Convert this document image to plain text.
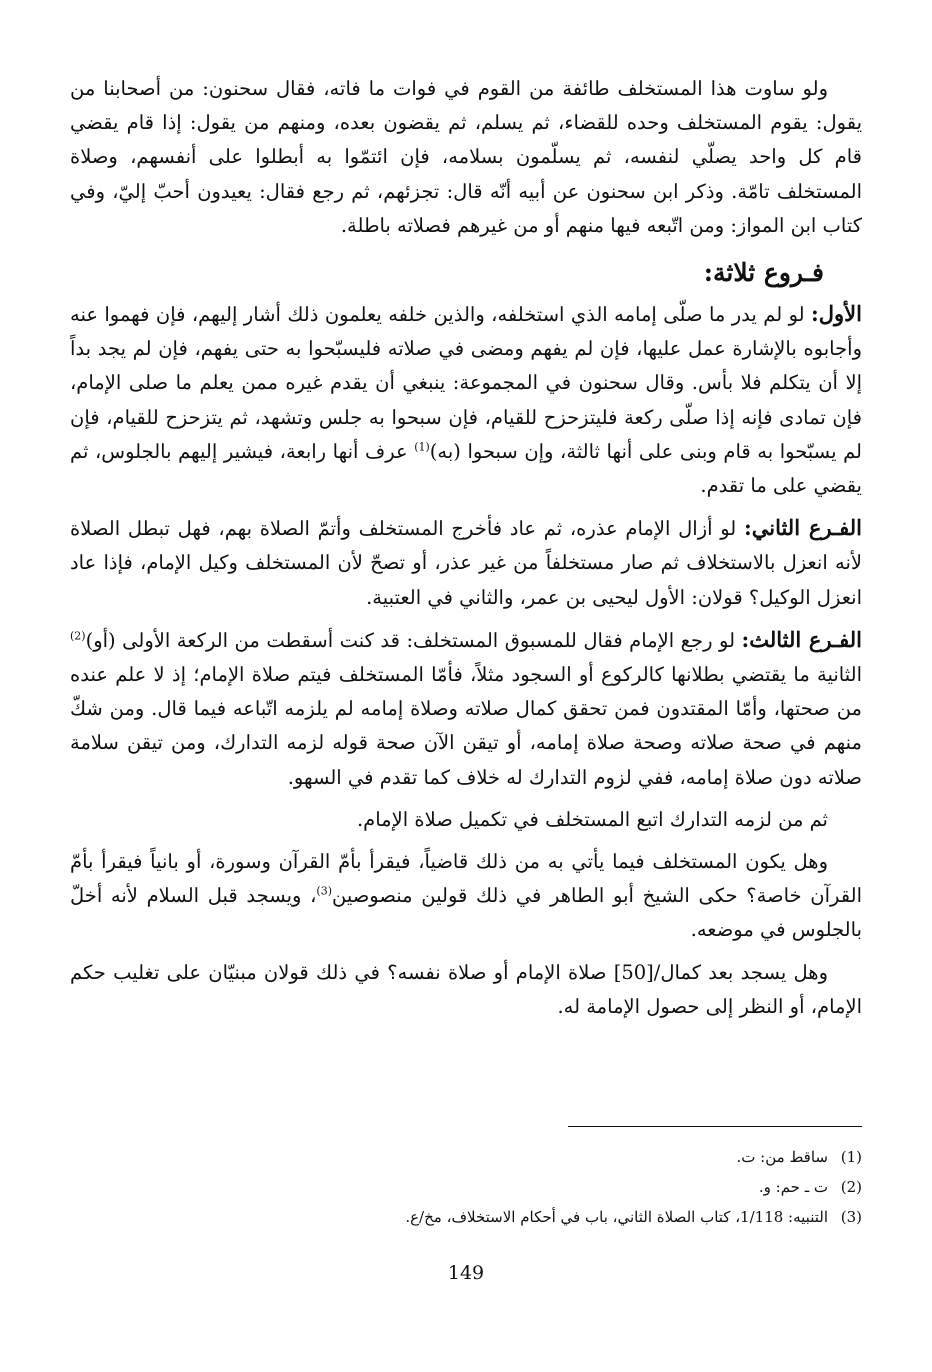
ولو ساوت هذا المستخلف طائفة من القوم في فوات ما فاته، فقال سحنون: من أصحابنا من يقول: يقوم المستخلف وحده للقضاء، ثم يسلم، ثم يقضون بعده، ومنهم من يقول: إذا قام يقضي قام كل واحد يصلّي لنفسه، ثم يسلّمون بسلامه، فإن ائتمّوا به أبطلوا على أنفسهم، وصلاة المستخلف تامّة. وذكر ابن سحنون عن أبيه أنّه قال: تجزئهم، ثم رجع فقال: يعيدون أحبّ إليّ، وفي كتاب ابن المواز: ومن اتّبعه فيها منهم أو من غيرهم فصلاته باطلة.

فـروع ثلاثة:

الأول: لو لم يدر ما صلّى إمامه الذي استخلفه، والذين خلفه يعلمون ذلك أشار إليهم، فإن فهموا عنه وأجابوه بالإشارة عمل عليها، فإن لم يفهم ومضى في صلاته فليسبّحوا به حتى يفهم، فإن لم يجد بداً إلا أن يتكلم فلا بأس. وقال سحنون في المجموعة: ينبغي أن يقدم غيره ممن يعلم ما صلى الإمام، فإن تمادى فإنه إذا صلّى ركعة فليتزحزح للقيام، فإن سبحوا به جلس وتشهد، ثم يتزحزح للقيام، فإن لم يسبّحوا به قام وبنى على أنها ثالثة، وإن سبحوا (به)$^{(1)}$ عرف أنها رابعة، فيشير إليهم بالجلوس، ثم يقضي على ما تقدم.

الفـرع الثاني: لو أزال الإمام عذره، ثم عاد فأخرج المستخلف وأتمّ الصلاة بهم، فهل تبطل الصلاة لأنه انعزل بالاستخلاف ثم صار مستخلفاً من غير عذر، أو تصحّ لأن المستخلف وكيل الإمام، فإذا عاد انعزل الوكيل؟ قولان: الأول ليحيى بن عمر، والثاني في العتبية.

الفـرع الثالث: لو رجع الإمام فقال للمسبوق المستخلف: قد كنت أسقطت من الركعة الأولى (أو)$^{(2)}$ الثانية ما يقتضي بطلانها كالركوع أو السجود مثلاً، فأمّا المستخلف فيتم صلاة الإمام؛ إذ لا علم عنده من صحتها، وأمّا المقتدون فمن تحقق كمال صلاته وصلاة إمامه لم يلزمه اتّباعه فيما قال. ومن شكّ منهم في صحة صلاته وصحة صلاة إمامه، أو تيقن الآن صحة قوله لزمه التدارك، ومن تيقن سلامة صلاته دون صلاة إمامه، ففي لزوم التدارك له خلاف كما تقدم في السهو.

ثم من لزمه التدارك اتبع المستخلف في تكميل صلاة الإمام.

وهل يكون المستخلف فيما يأتي به من ذلك قاضياً، فيقرأ بأمّ القرآن وسورة، أو بانياً فيقرأ بأمّ القرآن خاصة؟ حكى الشيخ أبو الطاهر في ذلك قولين منصوصين$^{(3)}$، ويسجد قبل السلام لأنه أخلّ بالجلوس في موضعه.

وهل يسجد بعد كمال/[50] صلاة الإمام أو صلاة نفسه؟ في ذلك قولان مبنيّان على تغليب حكم الإمام، أو النظر إلى حصول الإمامة له.

(1)
ساقط من: ت.
(2)
ت ـ حم: و.
(3)
التنبيه: 1/118، كتاب الصلاة الثاني، باب في أحكام الاستخلاف، مخ/ع.
149
